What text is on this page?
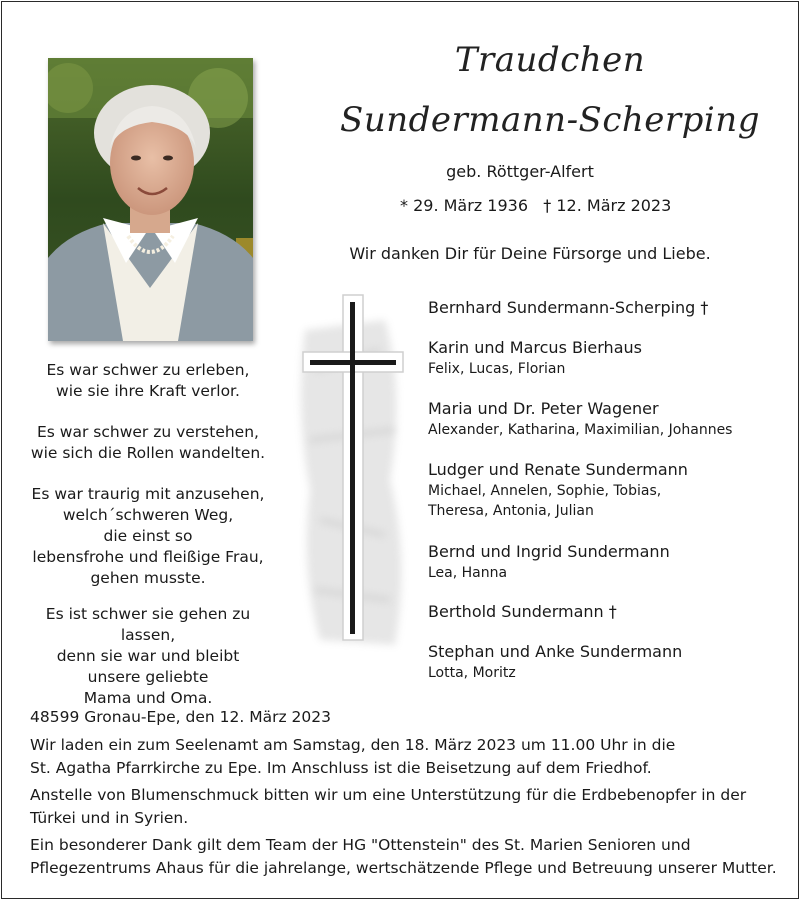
Traudchen
Sundermann-Scherping
geb. Röttger-Alfert
* 29. März 1936 † 12. März 2023
Wir danken Dir für Deine Fürsorge und Liebe.
Es war schwer zu erleben,
wie sie ihre Kraft verlor.
Es war schwer zu verstehen,
wie sich die Rollen wandelten.
Es war traurig mit anzusehen,
welch´schweren Weg,
die einst so
lebensfrohe und fleißige Frau,
gehen musste.
Es ist schwer sie gehen zu lassen,
denn sie war und bleibt
unsere geliebte
Mama und Oma.
Bernhard Sundermann-Scherping †
Karin und Marcus Bierhaus
Felix, Lucas, Florian
Maria und Dr. Peter Wagener
Alexander, Katharina, Maximilian, Johannes
Ludger und Renate Sundermann
Michael, Annelen, Sophie, Tobias,
Theresa, Antonia, Julian
Bernd und Ingrid Sundermann
Lea, Hanna
Berthold Sundermann †
Stephan und Anke Sundermann
Lotta, Moritz
48599 Gronau-Epe, den 12. März 2023
Wir laden ein zum Seelenamt am Samstag, den 18. März 2023 um 11.00 Uhr in die
St. Agatha Pfarrkirche zu Epe. Im Anschluss ist die Beisetzung auf dem Friedhof.
Anstelle von Blumenschmuck bitten wir um eine Unterstützung für die Erdbebenopfer in der
Türkei und in Syrien.
Ein besonderer Dank gilt dem Team der HG "Ottenstein" des St. Marien Senioren und
Pflegezentrums Ahaus für die jahrelange, wertschätzende Pflege und Betreuung unserer Mutter.
